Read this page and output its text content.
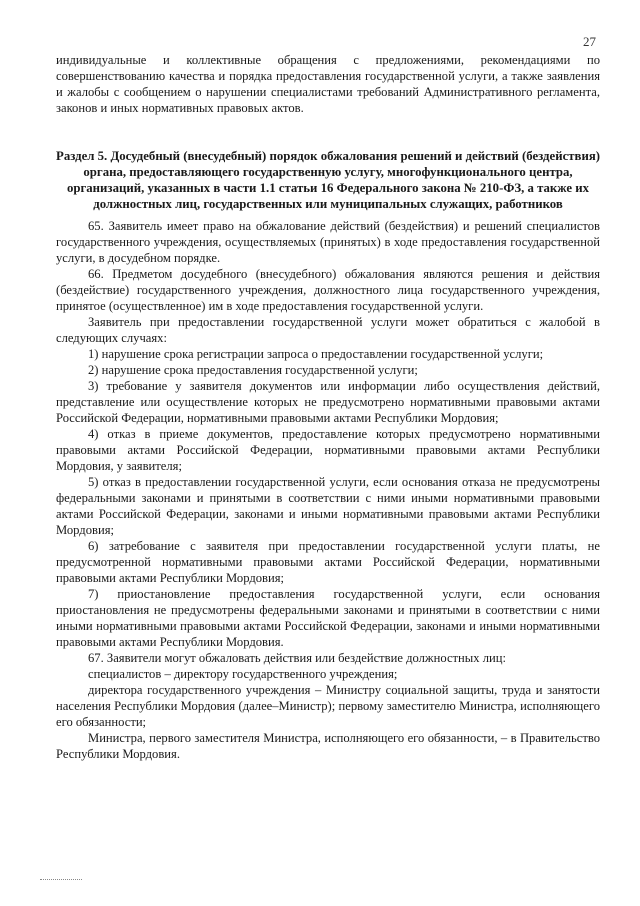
27

индивидуальные и коллективные обращения с предложениями, рекомендациями по совершенствованию качества и порядка предоставления государственной услуги, а также заявления и жалобы с сообщением о нарушении специалистами требований Административного регламента, законов и иных нормативных правовых актов.

Раздел 5. Досудебный (внесудебный) порядок обжалования решений и действий (бездействия) органа, предоставляющего государственную услугу, многофункционального центра, организаций, указанных в части 1.1 статьи 16 Федерального закона № 210-ФЗ, а также их должностных лиц, государственных или муниципальных служащих, работников

65. Заявитель имеет право на обжалование действий (бездействия) и решений специалистов государственного учреждения, осуществляемых (принятых) в ходе предоставления государственной услуги, в досудебном порядке.

66. Предметом досудебного (внесудебного) обжалования являются решения и действия (бездействие) государственного учреждения, должностного лица государственного учреждения, принятое (осуществленное) им в ходе предоставления государственной услуги.

Заявитель при предоставлении государственной услуги может обратиться с жалобой в следующих случаях:

1) нарушение срока регистрации запроса о предоставлении государственной услуги;

2) нарушение срока предоставления государственной услуги;

3) требование у заявителя документов или информации либо осуществления действий, представление или осуществление которых не предусмотрено нормативными правовыми актами Российской Федерации, нормативными правовыми актами Республики Мордовия;

4) отказ в приеме документов, предоставление которых предусмотрено нормативными правовыми актами Российской Федерации, нормативными правовыми актами Республики Мордовия, у заявителя;

5) отказ в предоставлении государственной услуги, если основания отказа не предусмотрены федеральными законами и принятыми в соответствии с ними иными нормативными правовыми актами Российской Федерации, законами и иными нормативными правовыми актами Республики Мордовия;

6) затребование с заявителя при предоставлении государственной услуги платы, не предусмотренной нормативными правовыми актами Российской Федерации, нормативными правовыми актами Республики Мордовия;

7) приостановление предоставления государственной услуги, если основания приостановления не предусмотрены федеральными законами и принятыми в соответствии с ними иными нормативными правовыми актами Российской Федерации, законами и иными нормативными правовыми актами Республики Мордовия.

67. Заявители могут обжаловать действия или бездействие должностных лиц:

специалистов – директору государственного учреждения;

директора государственного учреждения – Министру социальной защиты, труда и занятости населения Республики Мордовия (далее–Министр); первому заместителю Министра, исполняющего его обязанности;

Министра, первого заместителя Министра, исполняющего его обязанности, – в Правительство Республики Мордовия.
